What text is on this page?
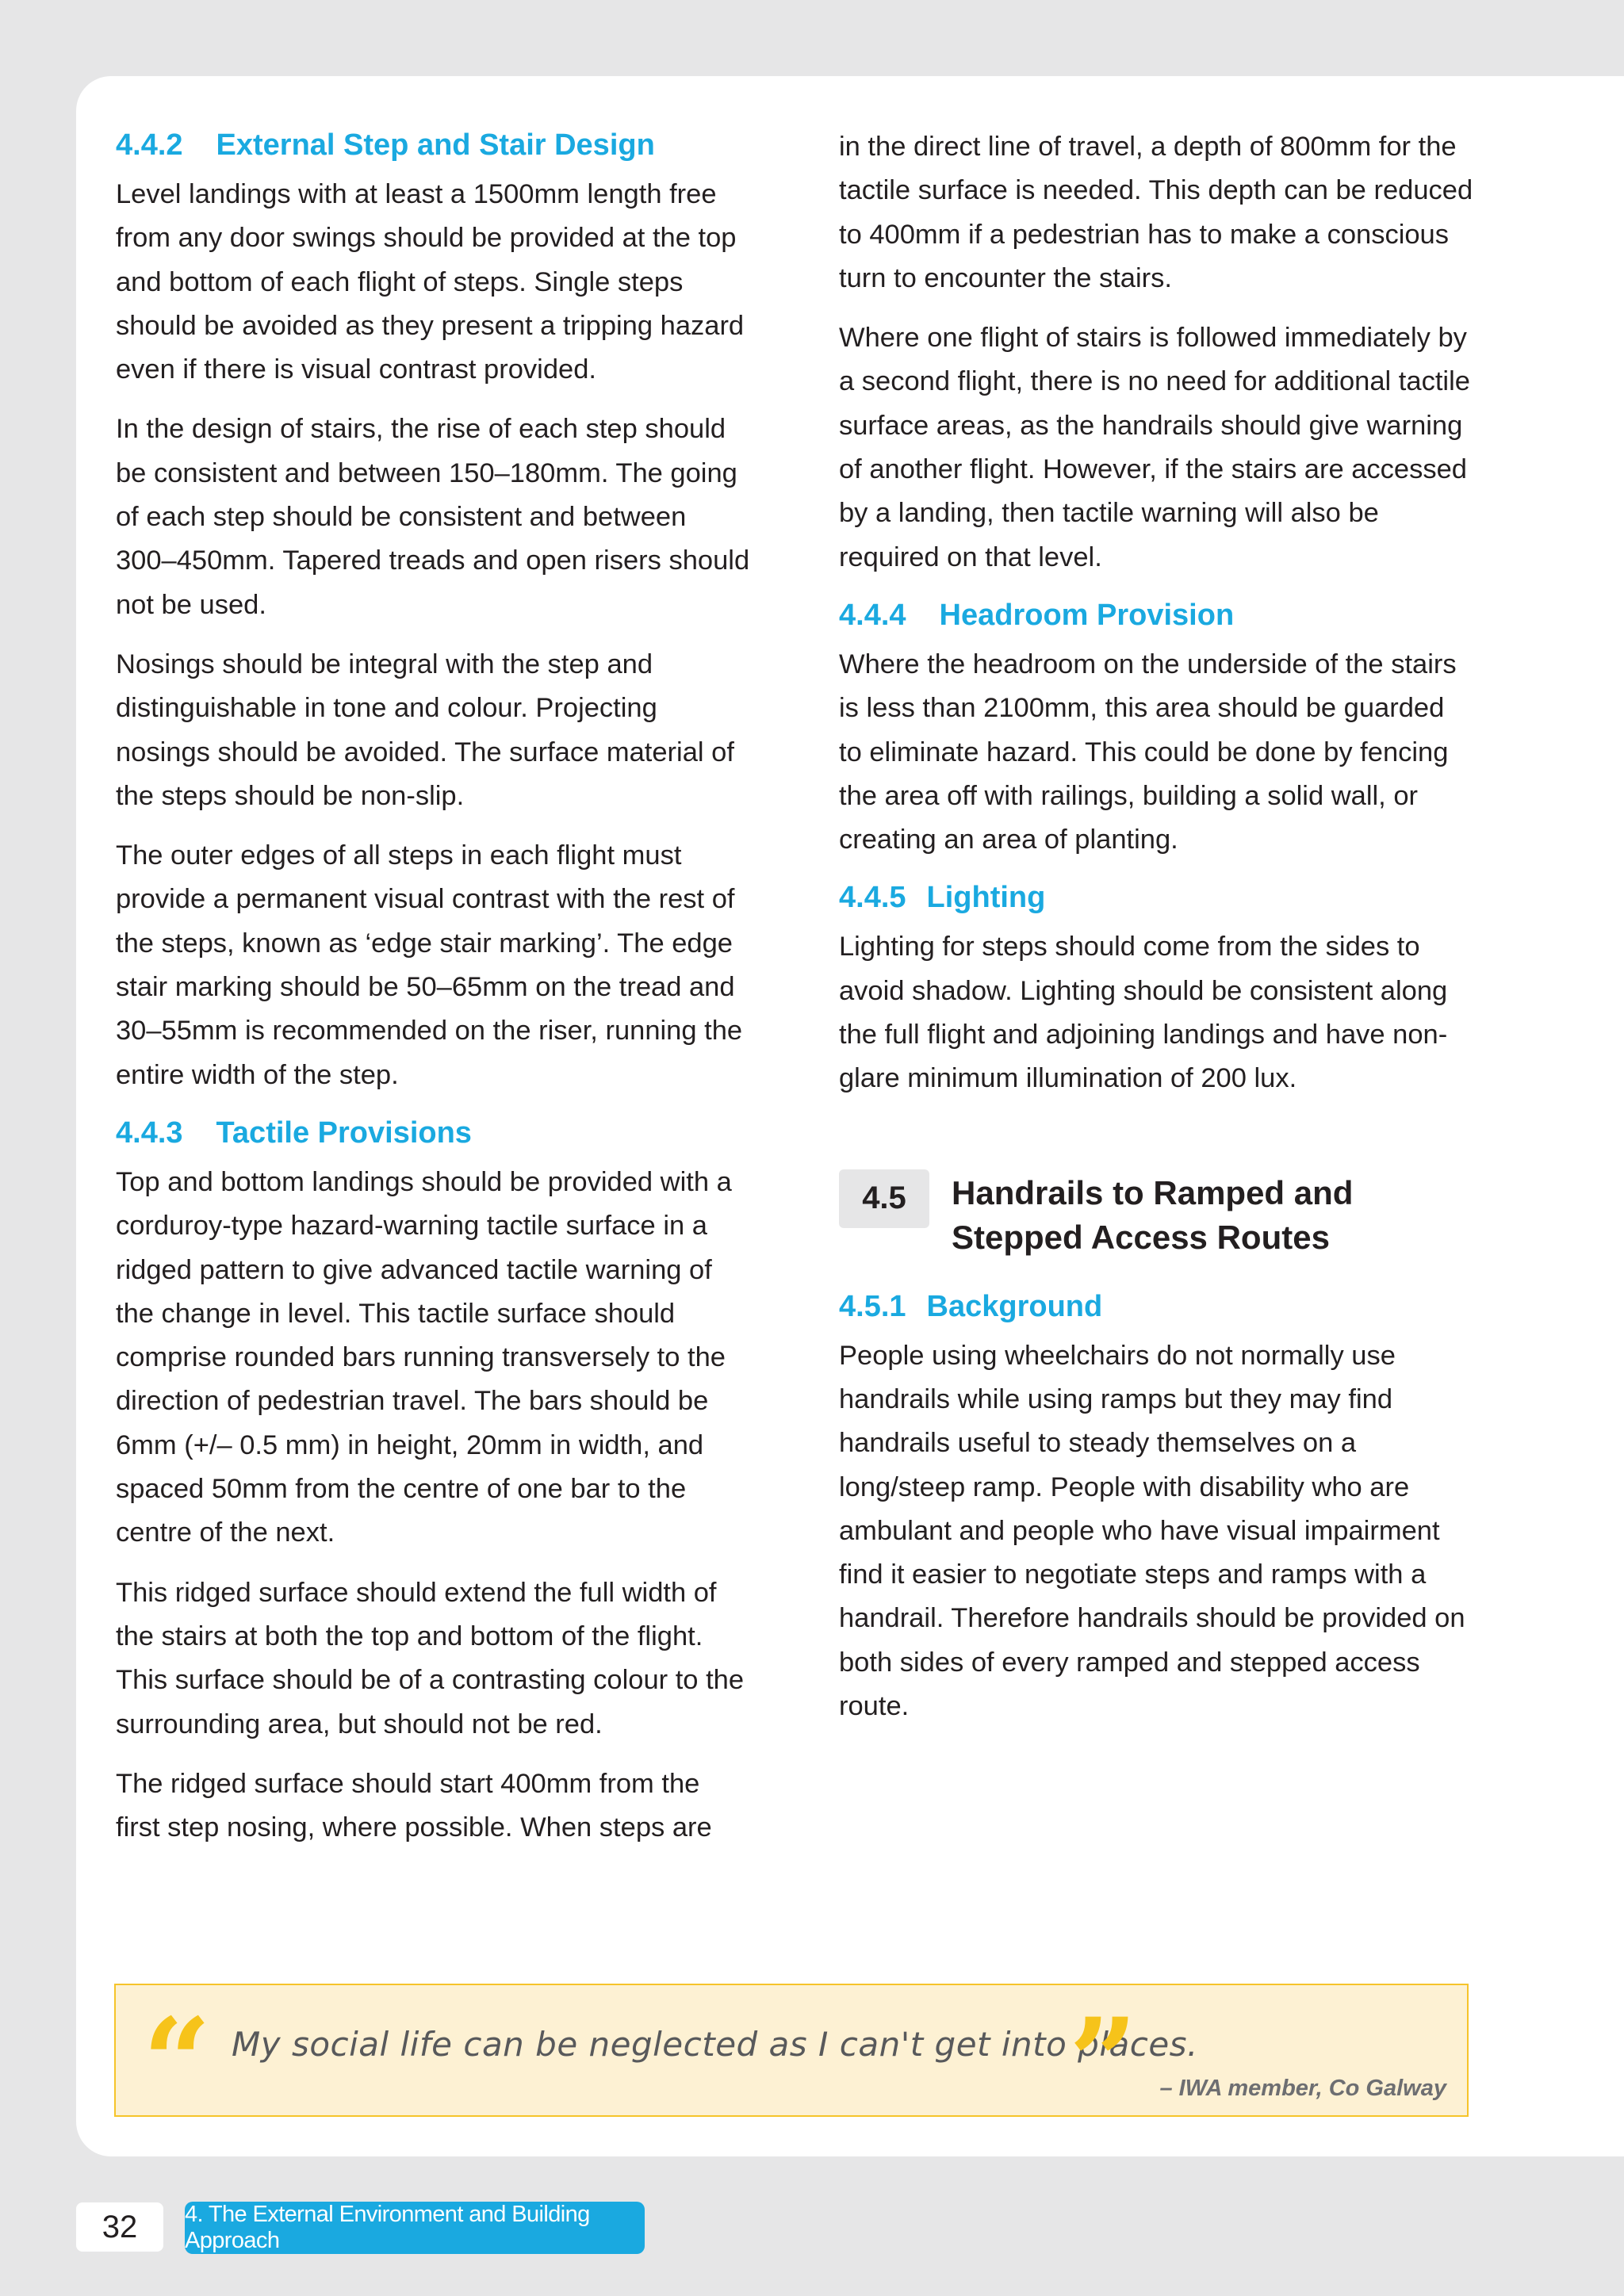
4.4.2 External Step and Stair Design

Level landings with at least a 1500mm length free from any door swings should be provided at the top and bottom of each flight of steps. Single steps should be avoided as they present a tripping hazard even if there is visual contrast provided.

In the design of stairs, the rise of each step should be consistent and between 150–180mm. The going of each step should be consistent and between 300–450mm. Tapered treads and open risers should not be used.

Nosings should be integral with the step and distinguishable in tone and colour. Projecting nosings should be avoided. The surface material of the steps should be non-slip.

The outer edges of all steps in each flight must provide a permanent visual contrast with the rest of the steps, known as ‘edge stair marking’. The edge stair marking should be 50–65mm on the tread and 30–55mm is recommended on the riser, running the entire width of the step.

4.4.3 Tactile Provisions

Top and bottom landings should be provided with a corduroy-type hazard-warning tactile surface in a ridged pattern to give advanced tactile warning of the change in level. This tactile surface should comprise rounded bars running transversely to the direction of pedestrian travel. The bars should be 6mm (+/– 0.5 mm) in height, 20mm in width, and spaced 50mm from the centre of one bar to the centre of the next.

This ridged surface should extend the full width of the stairs at both the top and bottom of the flight. This surface should be of a contrasting colour to the surrounding area, but should not be red.

The ridged surface should start 400mm from the first step nosing, where possible. When steps are

in the direct line of travel, a depth of 800mm for the tactile surface is needed. This depth can be reduced to 400mm if a pedestrian has to make a conscious turn to encounter the stairs.

Where one flight of stairs is followed immediately by a second flight, there is no need for additional tactile surface areas, as the handrails should give warning of another flight. However, if the stairs are accessed by a landing, then tactile warning will also be required on that level.

4.4.4 Headroom Provision

Where the headroom on the underside of the stairs is less than 2100mm, this area should be guarded to eliminate hazard. This could be done by fencing the area off with railings, building a solid wall, or creating an area of planting.

4.4.5 Lighting

Lighting for steps should come from the sides to avoid shadow. Lighting should be consistent along the full flight and adjoining landings and have non-glare minimum illumination of 200 lux.

4.5	Handrails to Ramped and
Stepped Access Routes
4.5.1 Background

People using wheelchairs do not normally use handrails while using ramps but they may find handrails useful to steady themselves on a long/steep ramp. People with disability who are ambulant and people who have visual impairment find it easier to negotiate steps and ramps with a handrail. Therefore handrails should be provided on both sides of every ramped and stepped access route.

“ My social life can be neglected as I can't get into places.
” – IWA member, Co Galway
32	4. The External Environment and Building Approach
